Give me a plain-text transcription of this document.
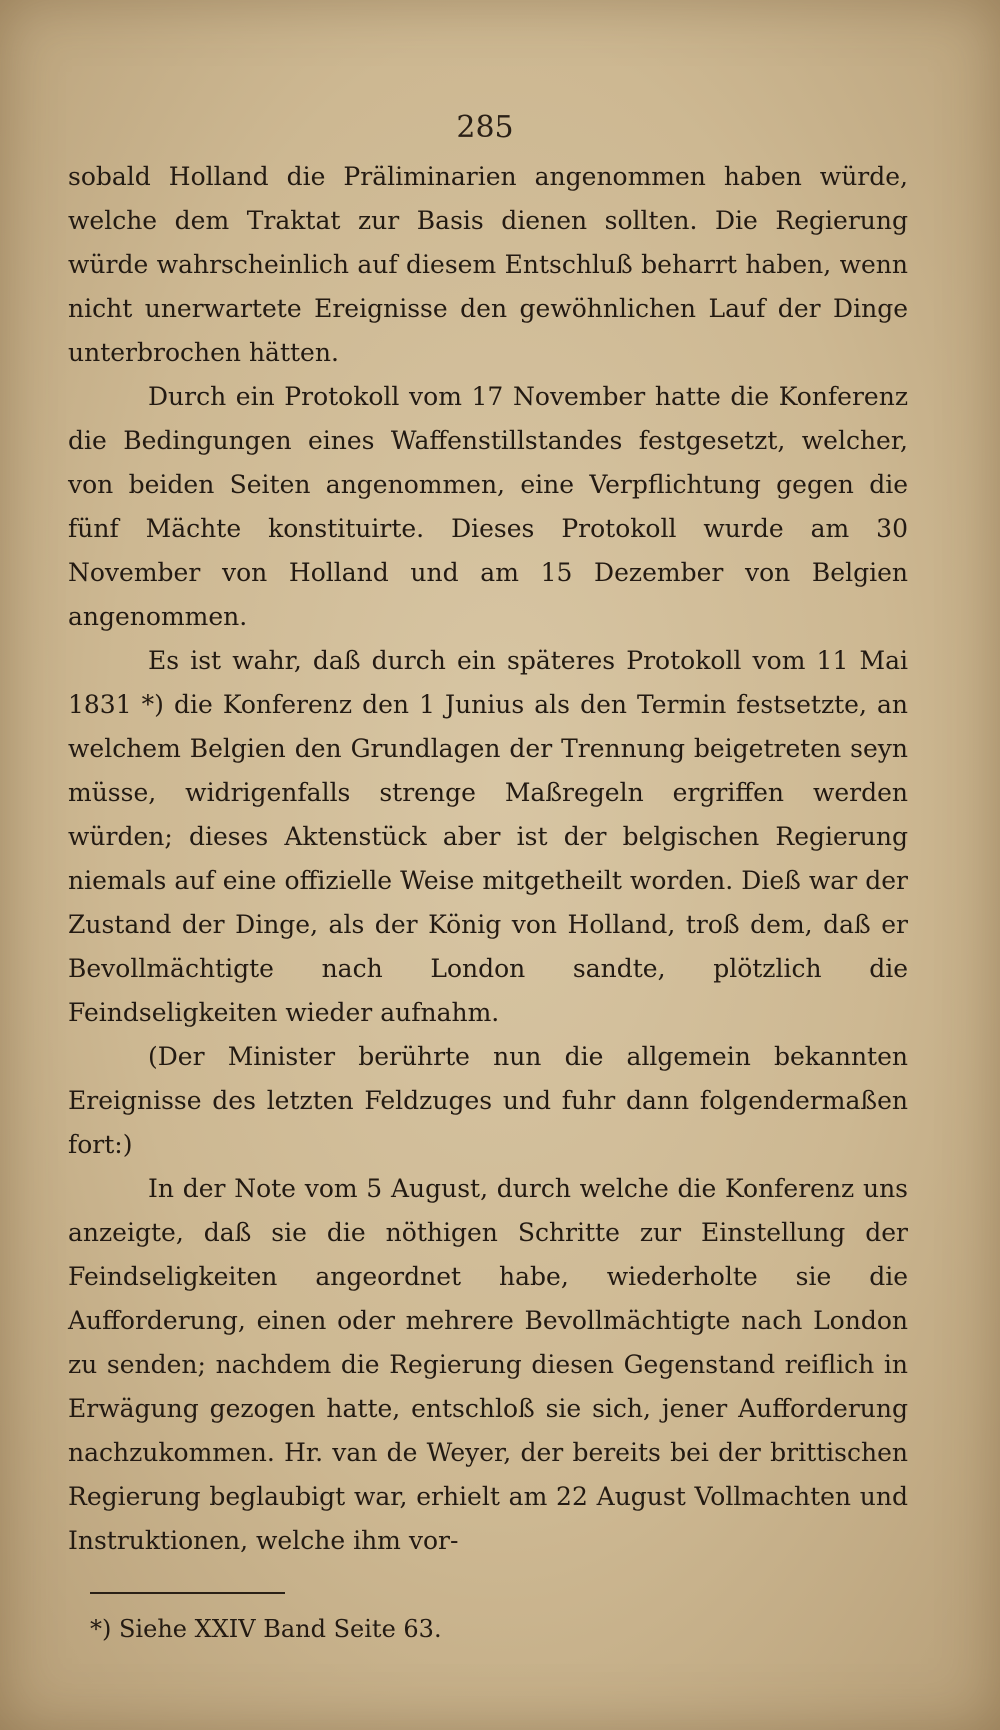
285

sobald Holland die Präliminarien angenommen haben würde, welche dem Traktat zur Basis dienen sollten. Die Regierung würde wahrscheinlich auf diesem Entschluß beharrt haben, wenn nicht unerwartete Ereignisse den gewöhnlichen Lauf der Dinge unterbrochen hätten.

Durch ein Protokoll vom 17 November hatte die Konferenz die Bedingungen eines Waffenstillstandes festgesetzt, welcher, von beiden Seiten angenommen, eine Verpflichtung gegen die fünf Mächte konstituirte. Dieses Protokoll wurde am 30 November von Holland und am 15 Dezember von Belgien angenommen.

Es ist wahr, daß durch ein späteres Protokoll vom 11 Mai 1831 *) die Konferenz den 1 Junius als den Termin festsetzte, an welchem Belgien den Grundlagen der Trennung beigetreten seyn müsse, widrigenfalls strenge Maßregeln ergriffen werden würden; dieses Aktenstück aber ist der belgischen Regierung niemals auf eine offizielle Weise mitgetheilt worden. Dieß war der Zustand der Dinge, als der König von Holland, troß dem, daß er Bevollmächtigte nach London sandte, plötzlich die Feindseligkeiten wieder aufnahm.

(Der Minister berührte nun die allgemein bekannten Ereignisse des letzten Feldzuges und fuhr dann folgendermaßen fort:)

In der Note vom 5 August, durch welche die Konferenz uns anzeigte, daß sie die nöthigen Schritte zur Einstellung der Feindseligkeiten angeordnet habe, wiederholte sie die Aufforderung, einen oder mehrere Bevollmächtigte nach London zu senden; nachdem die Regierung diesen Gegenstand reiflich in Erwägung gezogen hatte, entschloß sie sich, jener Aufforderung nachzukommen. Hr. van de Weyer, der bereits bei der brittischen Regierung beglaubigt war, erhielt am 22 August Vollmachten und Instruktionen, welche ihm vor-

*) Siehe XXIV Band Seite 63.
